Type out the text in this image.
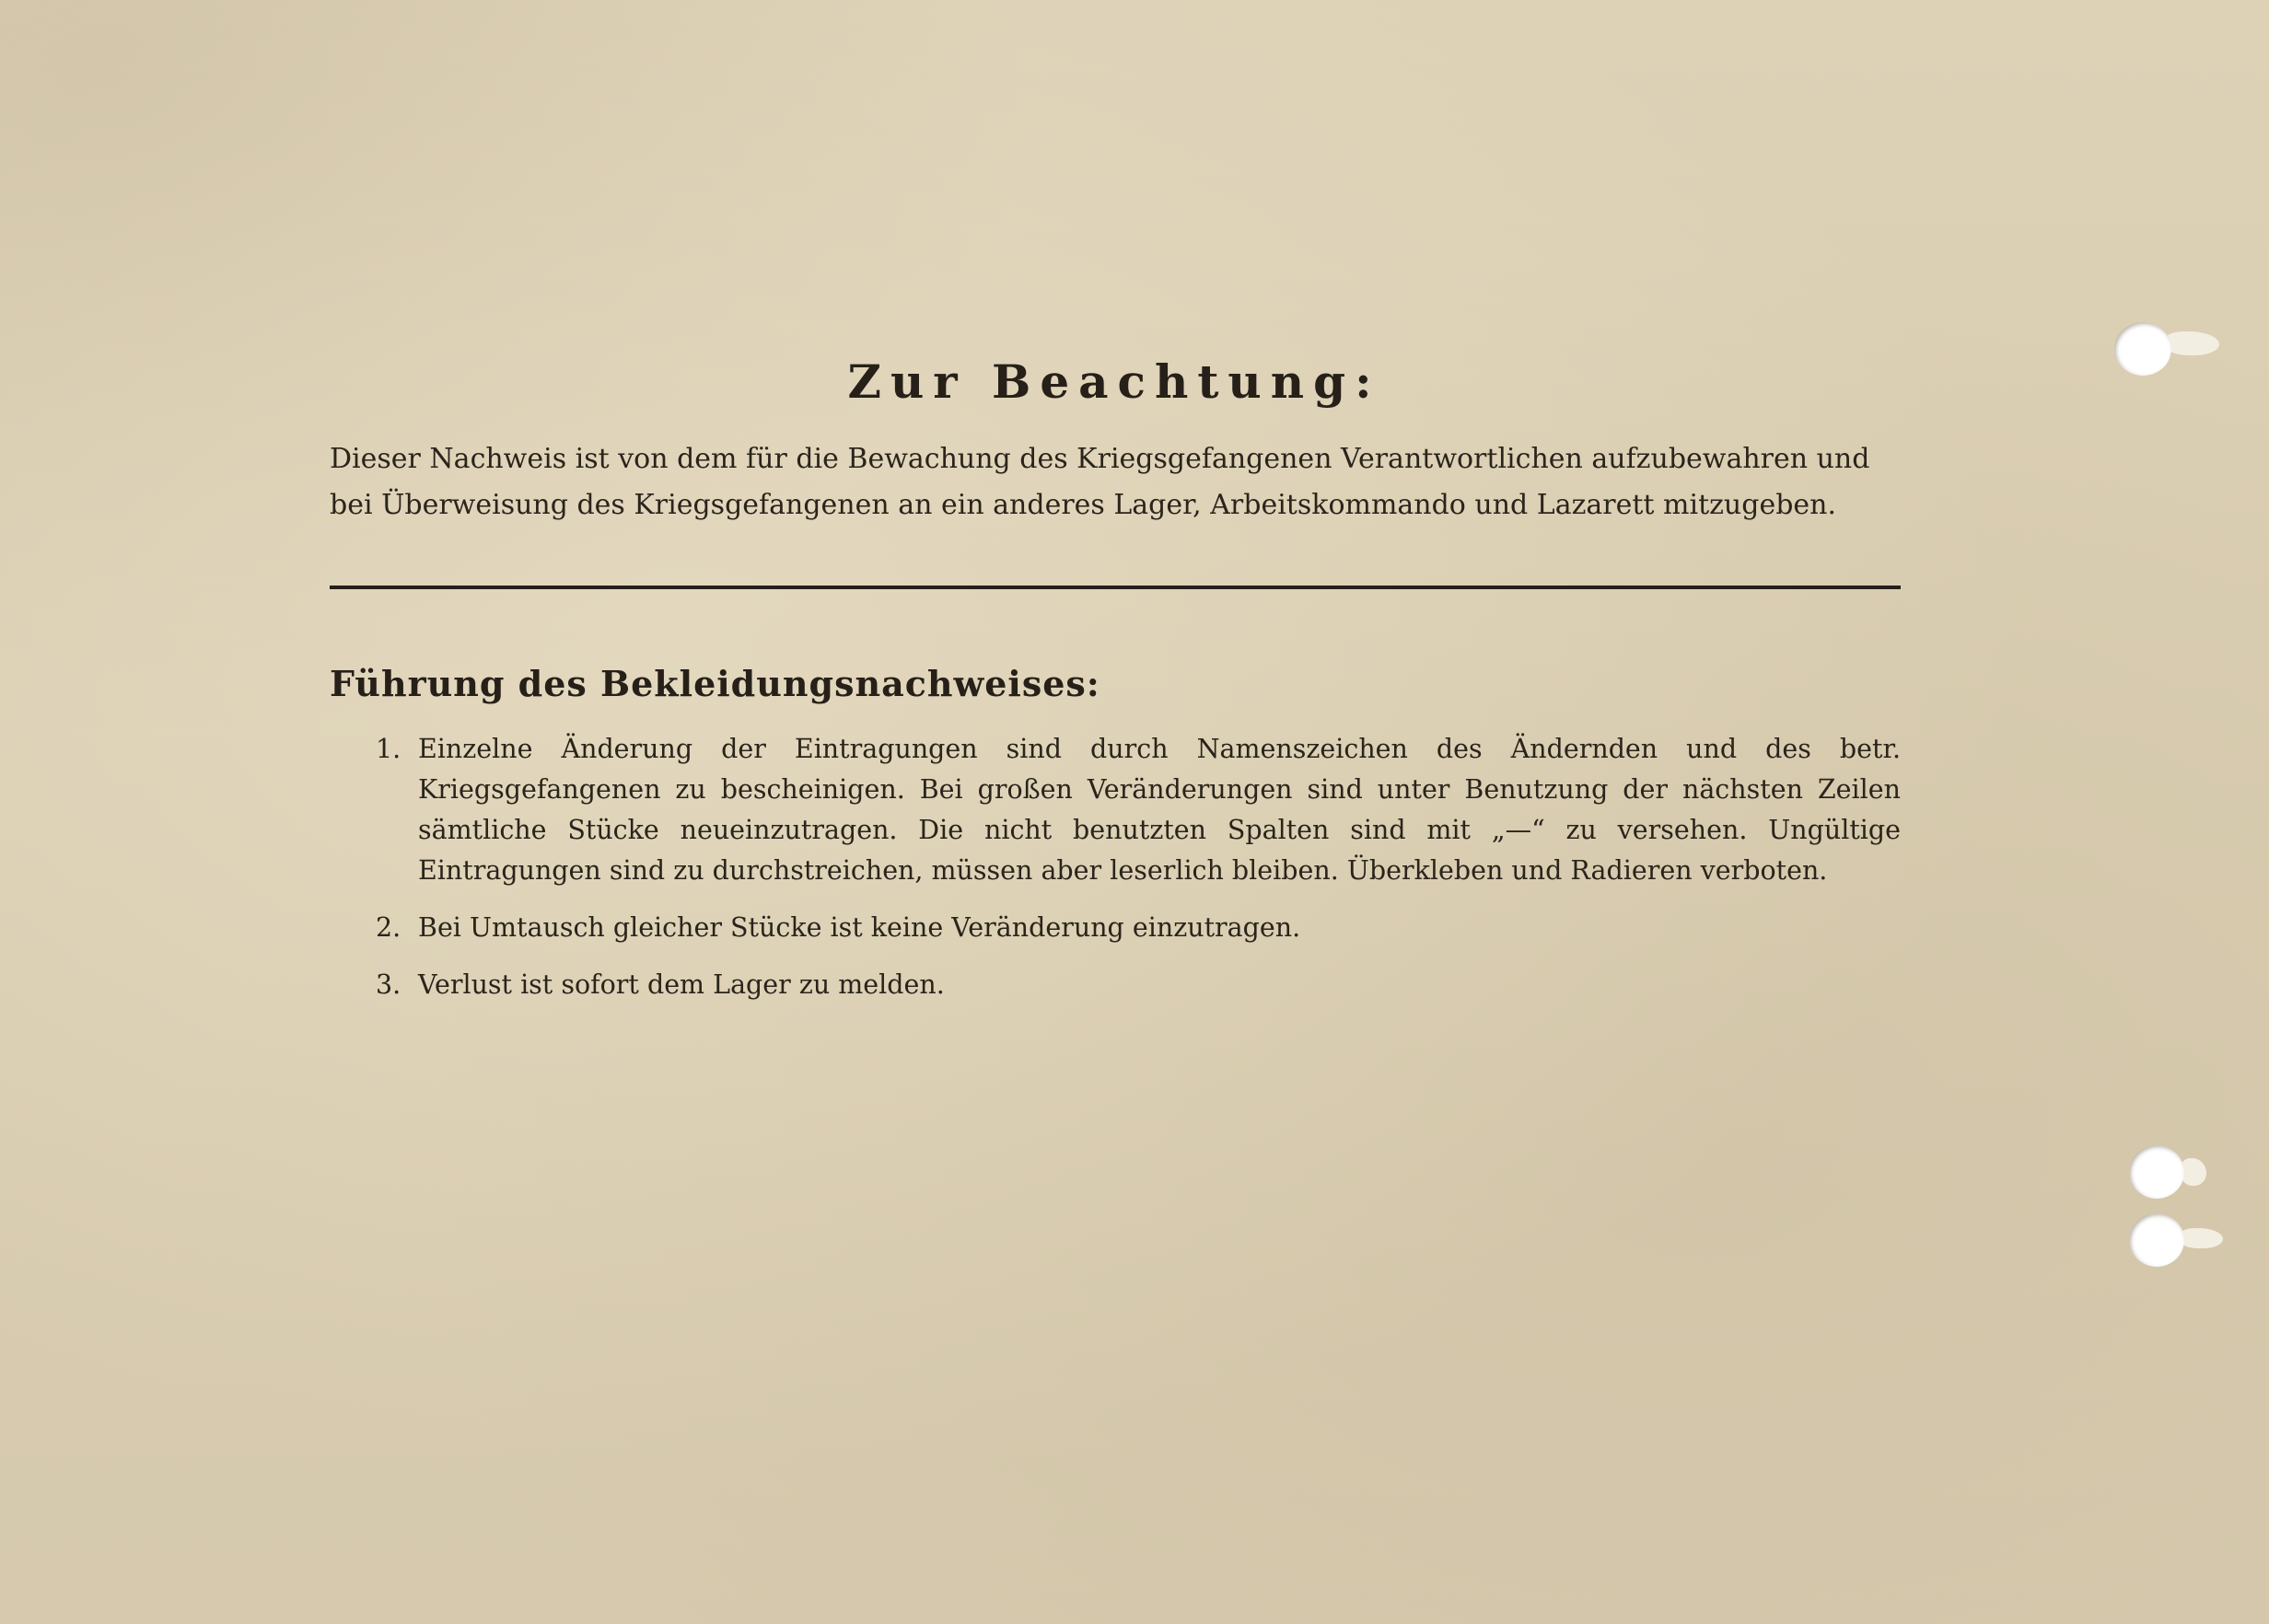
Zur Beachtung:
Dieser Nachweis ist von dem für die Bewachung des Kriegsgefangenen Verantwortlichen aufzubewahren und
bei Überweisung des Kriegsgefangenen an ein anderes Lager, Arbeitskommando und Lazarett mitzugeben.
Führung des Bekleidungsnachweises:
1. Einzelne Änderung der Eintragungen sind durch Namenszeichen des Ändernden und des betr. Kriegsgefangenen zu bescheinigen. Bei großen Veränderungen sind unter Benutzung der nächsten Zeilen sämtliche Stücke neueinzutragen. Die nicht benutzten Spalten sind mit „—“ zu versehen. Ungültige Eintragungen sind zu durchstreichen, müssen aber leserlich bleiben. Überkleben und Radieren verboten.
2. Bei Umtausch gleicher Stücke ist keine Veränderung einzutragen.
3. Verlust ist sofort dem Lager zu melden.
